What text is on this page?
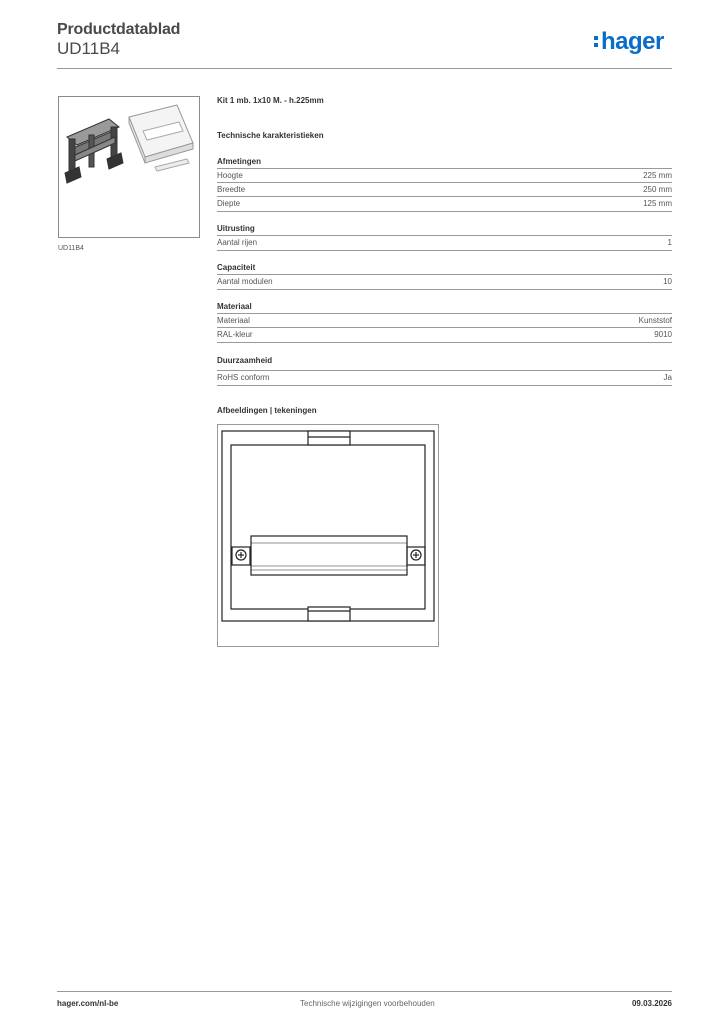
Productdatablad
UD11B4	hager
UD11B4
Kit 1 mb. 1x10 M. - h.225mm
Technische karakteristieken
Afmetingen
Hoogte	225 mm
Breedte	250 mm
Diepte	125 mm
Uitrusting
Aantal rijen	1
Capaciteit
Aantal modulen	10
Materiaal
Materiaal	Kunststof
RAL-kleur	9010
Duurzaamheid
RoHS conform	Ja
Afbeeldingen | tekeningen
hager.com/nl-be	Technische wijzigingen voorbehouden	09.03.2026
